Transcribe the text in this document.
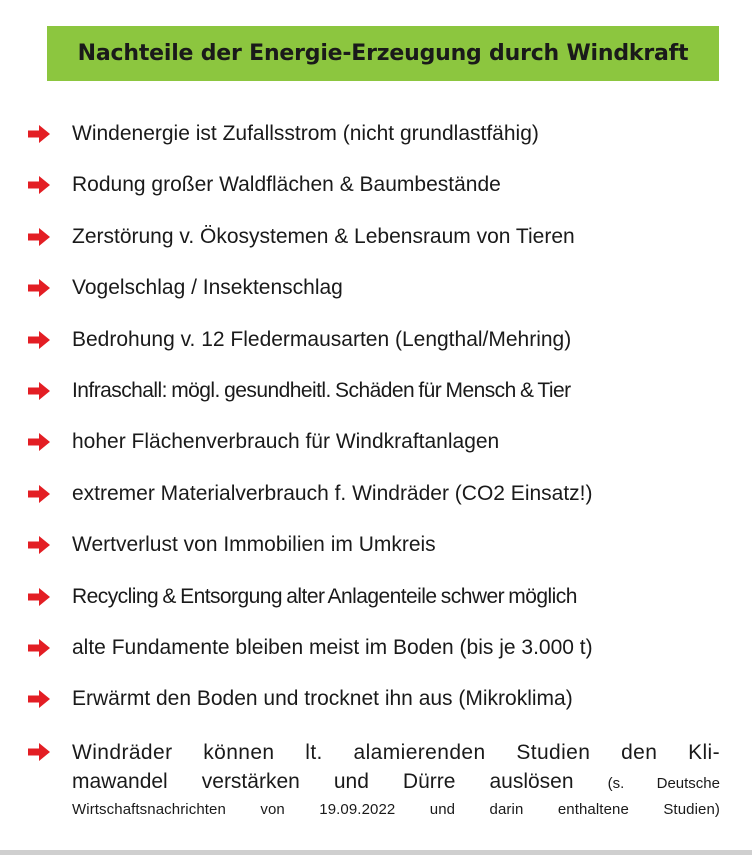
Nachteile der Energie-Erzeugung durch Windkraft
Windenergie ist Zufallsstrom (nicht grundlastfähig)
Rodung großer Waldflächen & Baumbestände
Zerstörung v. Ökosystemen & Lebensraum von Tieren
Vogelschlag / Insektenschlag
Bedrohung v. 12 Fledermausarten (Lengthal/Mehring)
Infraschall: mögl. gesundheitl. Schäden für Mensch & Tier
hoher Flächenverbrauch für Windkraftanlagen
extremer Materialverbrauch f. Windräder (CO2 Einsatz!)
Wertverlust von Immobilien im Umkreis
Recycling & Entsorgung alter Anlagenteile schwer möglich
alte Fundamente bleiben meist im Boden (bis je 3.000 t)
Erwärmt den Boden und trocknet ihn aus (Mikroklima)
Windräder können lt. alamierenden Studien den Kli-
mawandel verstärken und Dürre auslösen (s. Deutsche
Wirtschaftsnachrichten von 19.09.2022 und darin enthaltene Studien)
